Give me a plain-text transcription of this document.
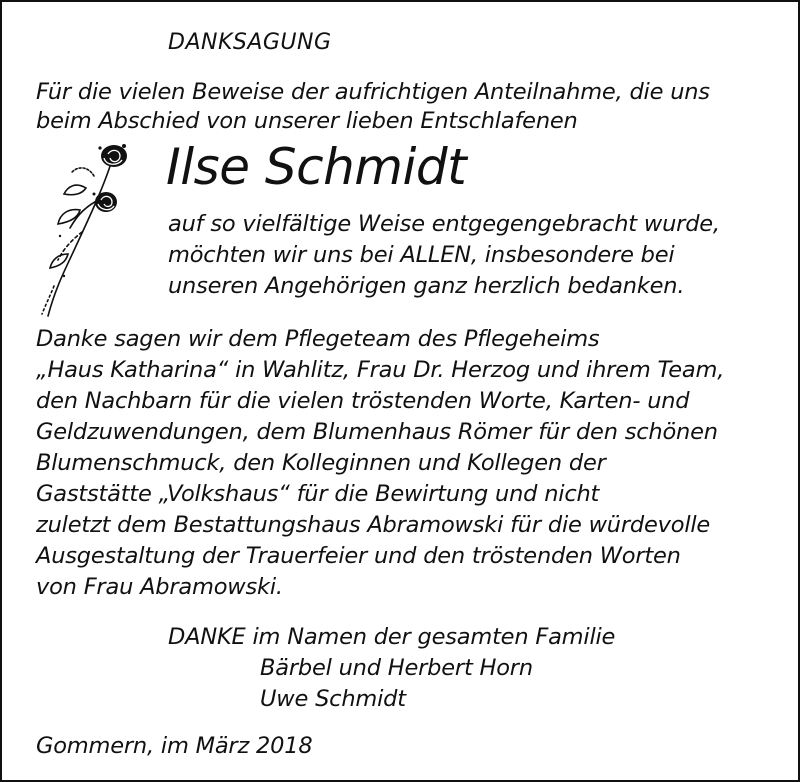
DANKSAGUNG
Für die vielen Beweise der aufrichtigen Anteilnahme, die uns
beim Abschied von unserer lieben Entschlafenen
Ilse Schmidt
auf so vielfältige Weise entgegengebracht wurde,
möchten wir uns bei ALLEN, insbesondere bei
unseren Angehörigen ganz herzlich bedanken.
Danke sagen wir dem Pflegeteam des Pflegeheims
„Haus Katharina“ in Wahlitz, Frau Dr. Herzog und ihrem Team,
den Nachbarn für die vielen tröstenden Worte, Karten- und
Geldzuwendungen, dem Blumenhaus Römer für den schönen
Blumenschmuck, den Kolleginnen und Kollegen der
Gaststätte „Volkshaus“ für die Bewirtung und nicht
zuletzt dem Bestattungshaus Abramowski für die würdevolle
Ausgestaltung der Trauerfeier und den tröstenden Worten
von Frau Abramowski.
DANKE im Namen der gesamten Familie
Bärbel und Herbert Horn
Uwe Schmidt
Gommern, im März 2018
